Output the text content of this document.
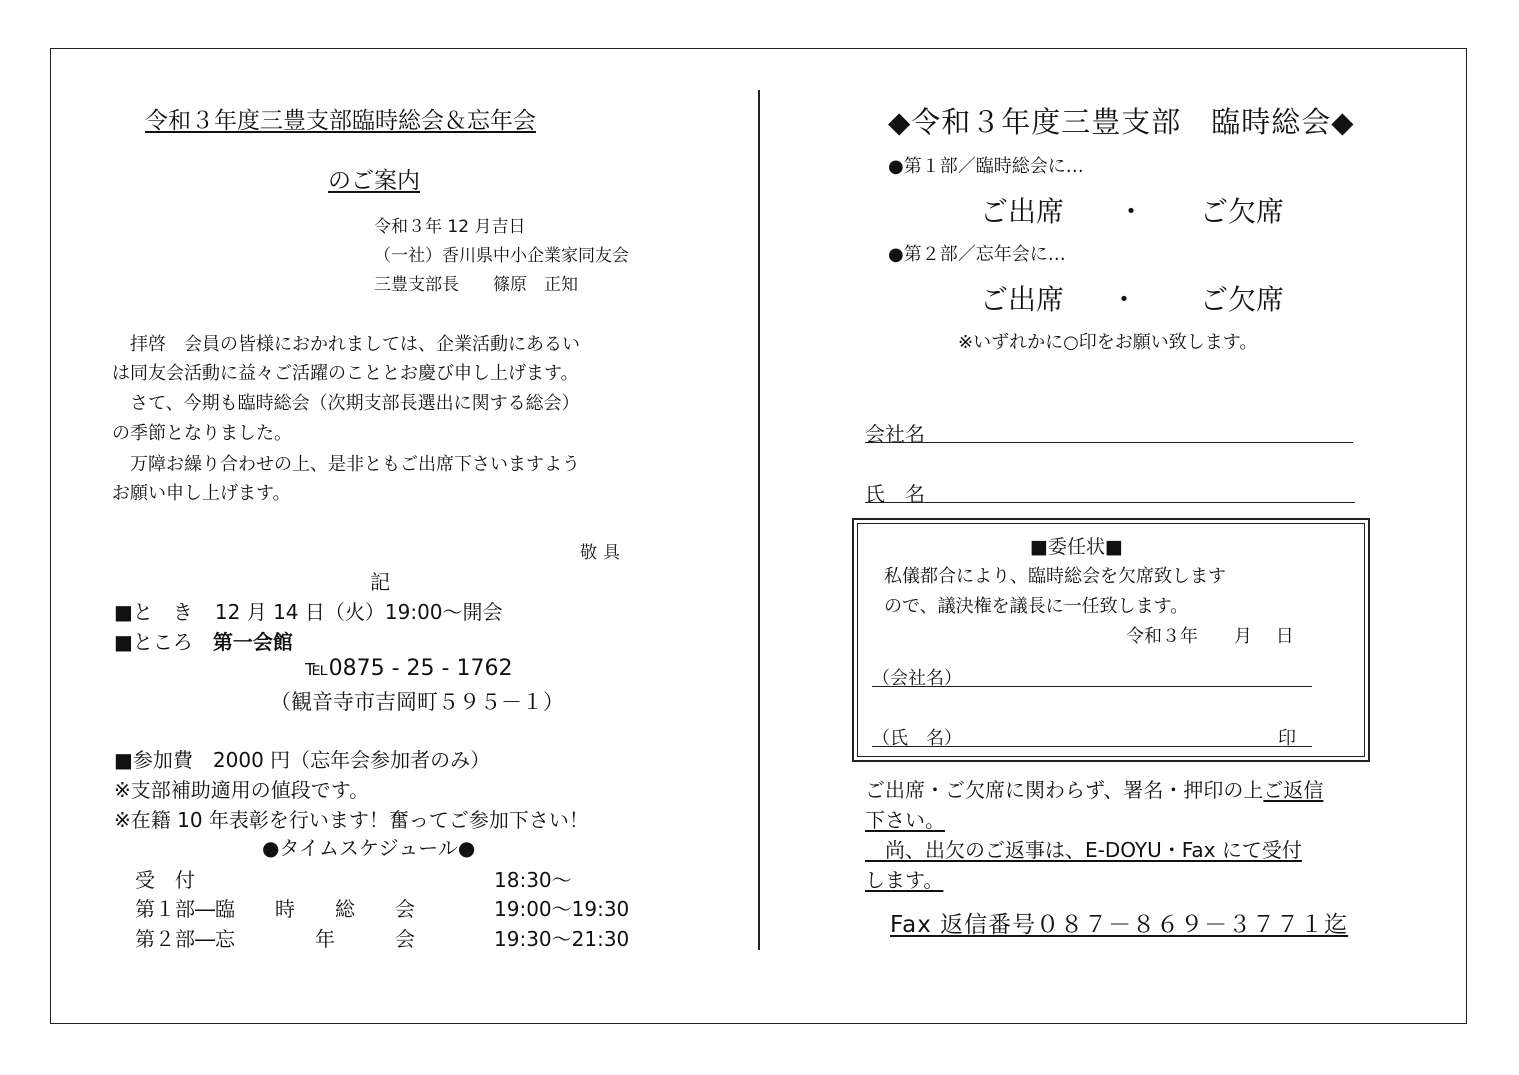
令和３年度三豊支部臨時総会＆忘年会
のご案内
令和３年 12 月吉日
（一社）香川県中小企業家同友会
三豊支部長　　篠原　正知
　拝啓　会員の皆様におかれましては、企業活動にあるい
は同友会活動に益々ご活躍のこととお慶び申し上げます。
　さて、今期も臨時総会（次期支部長選出に関する総会）
の季節となりました。
　万障お繰り合わせの上、是非ともご出席下さいますよう
お願い申し上げます。
敬具
記
■と　き 12 月 14 日（火）19:00～開会
■ところ 第一会館
℡0875 - 25 - 1762
（観音寺市吉岡町５９５－１）
■参加費　2000 円（忘年会参加者のみ）
※支部補助適用の値段です。
※在籍 10 年表彰を行います！奮ってご参加下さい！
●タイムスケジュール●
受　付	18:30～
第１部―臨　　時　　総　　会	19:00～19:30
第２部―忘　　　　年　　　会	19:30～21:30
◆令和３年度三豊支部　臨時総会◆
●第１部／臨時総会に…
ご出席 ・ ご欠席
●第２部／忘年会に…
ご出席 ・ ご欠席
※いずれかに○印をお願い致します。
会社名
氏　名
■委任状■
私儀都合により、臨時総会を欠席致します
ので、議決権を議長に一任致します。
令和３年　　月　 日
（会社名）
（氏　名）	印
ご出席・ご欠席に関わらず、署名・押印の上ご返信
下さい。
　尚、出欠のご返事は、E-DOYU・Fax にて受付
します。
Fax 返信番号０８７－８６９－３７７１迄
